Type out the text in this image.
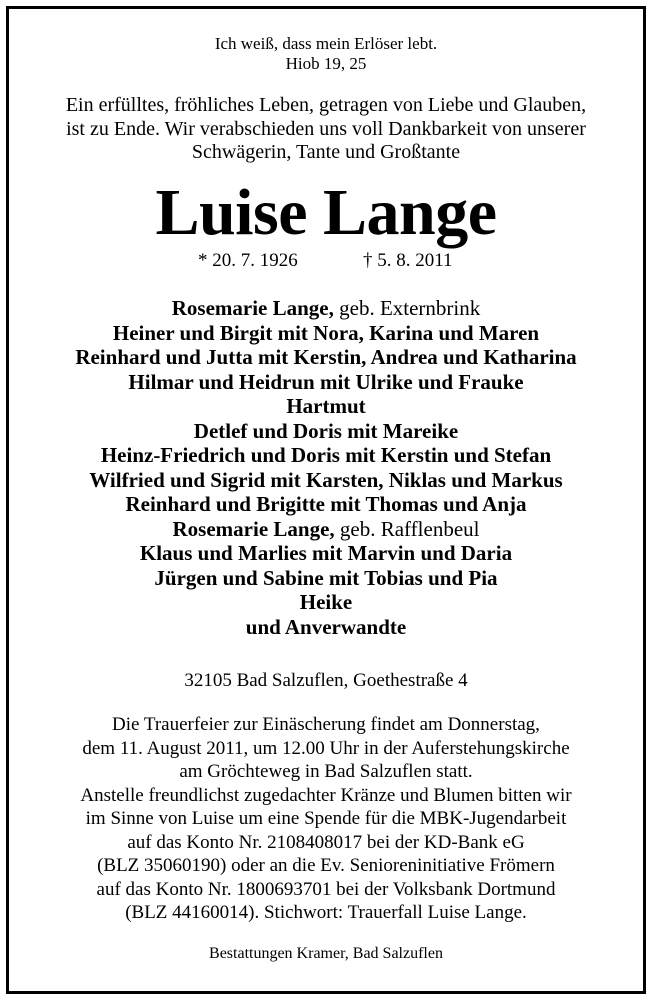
Ich weiß, dass mein Erlöser lebt.
Hiob 19, 25
Ein erfülltes, fröhliches Leben, getragen von Liebe und Glauben,
ist zu Ende. Wir verabschieden uns voll Dankbarkeit von unserer
Schwägerin, Tante und Großtante
Luise Lange
* 20. 7. 1926	† 5. 8. 2011
Rosemarie Lange, geb. Externbrink
Heiner und Birgit mit Nora, Karina und Maren
Reinhard und Jutta mit Kerstin, Andrea und Katharina
Hilmar und Heidrun mit Ulrike und Frauke
Hartmut
Detlef und Doris mit Mareike
Heinz-Friedrich und Doris mit Kerstin und Stefan
Wilfried und Sigrid mit Karsten, Niklas und Markus
Reinhard und Brigitte mit Thomas und Anja
Rosemarie Lange, geb. Rafflenbeul
Klaus und Marlies mit Marvin und Daria
Jürgen und Sabine mit Tobias und Pia
Heike
und Anverwandte
32105 Bad Salzuflen, Goethestraße 4
Die Trauerfeier zur Einäscherung findet am Donnerstag,
dem 11. August 2011, um 12.00 Uhr in der Auferstehungskirche
am Gröchteweg in Bad Salzuflen statt.
Anstelle freundlichst zugedachter Kränze und Blumen bitten wir
im Sinne von Luise um eine Spende für die MBK-Jugendarbeit
auf das Konto Nr. 2108408017 bei der KD-Bank eG
(BLZ 35060190) oder an die Ev. Senioreninitiative Frömern
auf das Konto Nr. 1800693701 bei der Volksbank Dortmund
(BLZ 44160014). Stichwort: Trauerfall Luise Lange.
Bestattungen Kramer, Bad Salzuflen
